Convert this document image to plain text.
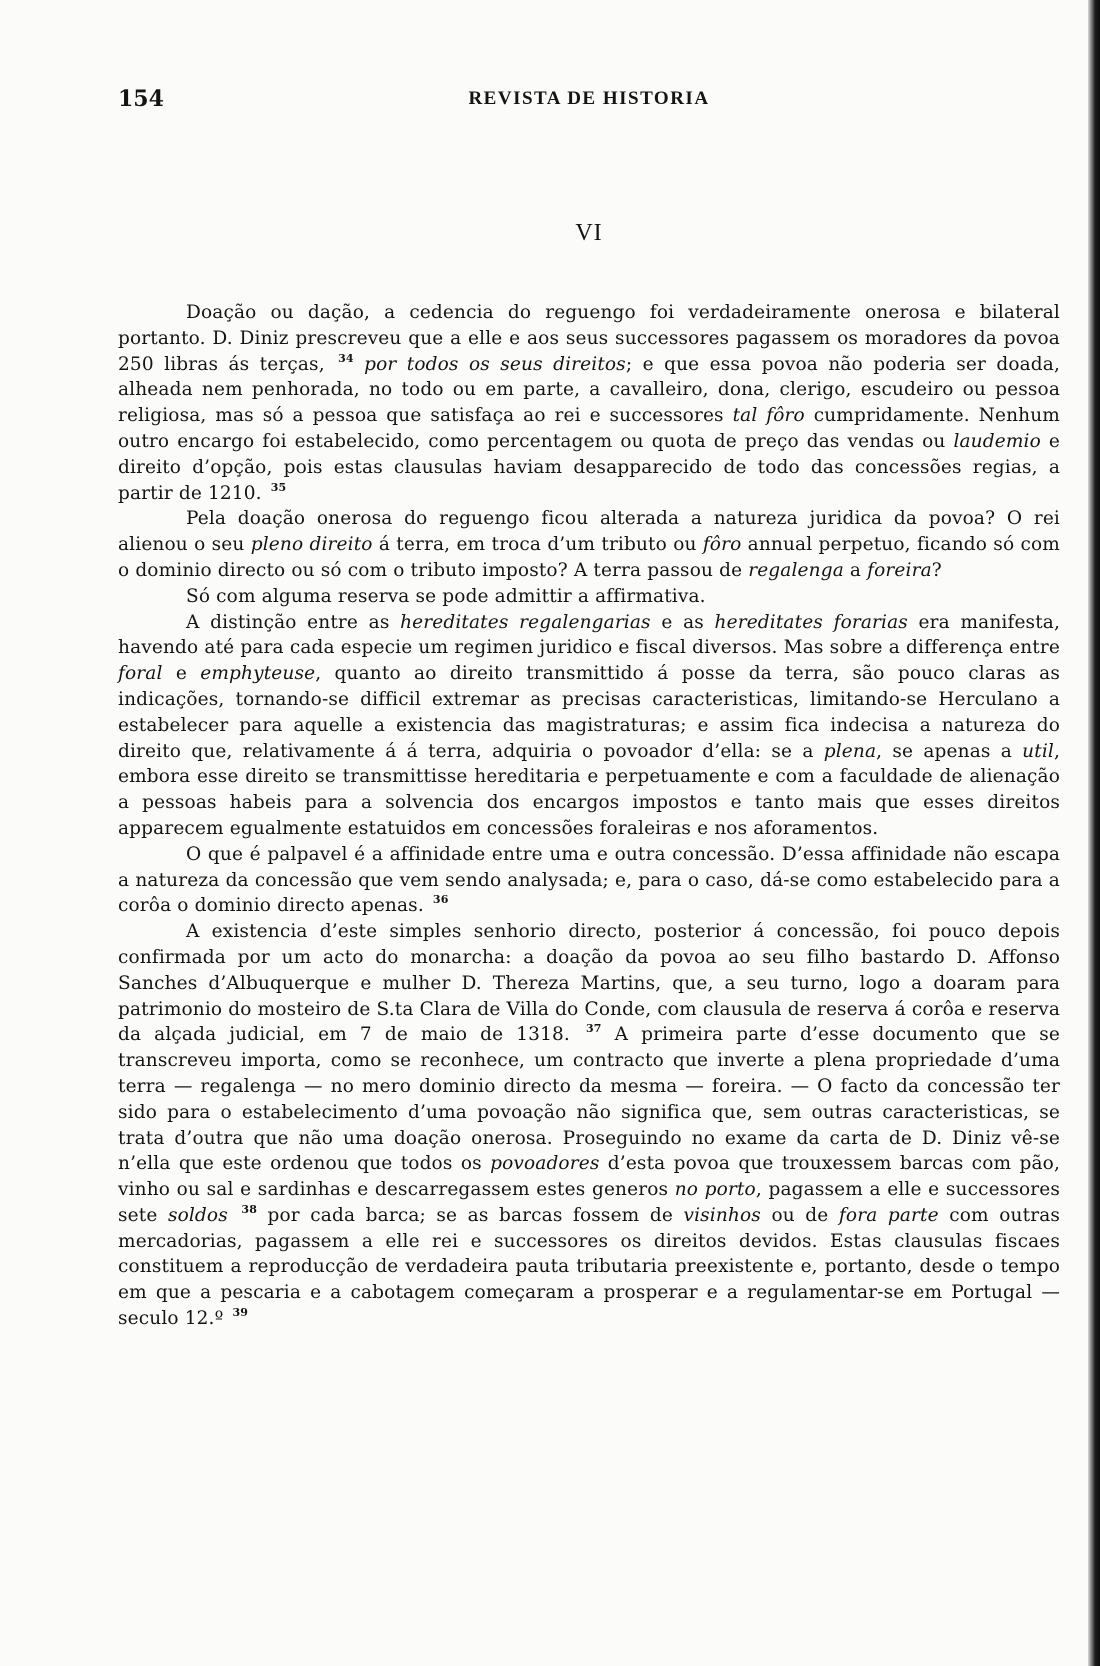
154	REVISTA DE HISTORIA
VI

Doação ou dação, a cedencia do reguengo foi verdadeiramente onerosa e bilateral portanto. D. Diniz prescreveu que a elle e aos seus successores pagassem os moradores da povoa 250 libras ás terças, $^{34}$ por todos os seus direitos; e que essa povoa não poderia ser doada, alheada nem penhorada, no todo ou em parte, a cavalleiro, dona, clerigo, escudeiro ou pessoa religiosa, mas só a pessoa que satisfaça ao rei e successores tal fôro cumpridamente. Nenhum outro encargo foi estabelecido, como percentagem ou quota de preço das vendas ou laudemio e direito d’opção, pois estas clausulas haviam desapparecido de todo das concessões regias, a partir de 1210. $^{35}$

Pela doação onerosa do reguengo ficou alterada a natureza juridica da povoa? O rei alienou o seu pleno direito á terra, em troca d’um tributo ou fôro annual perpetuo, ficando só com o dominio directo ou só com o tributo imposto? A terra passou de regalenga a foreira?

Só com alguma reserva se pode admittir a affirmativa.

A distinção entre as hereditates regalengarias e as hereditates forarias era manifesta, havendo até para cada especie um regimen juridico e fiscal diversos. Mas sobre a differença entre foral e emphyteuse, quanto ao direito transmittido á posse da terra, são pouco claras as indicações, tornando-se difficil extremar as precisas caracteristicas, limitando-se Herculano a estabelecer para aquelle a existencia das magistraturas; e assim fica indecisa a natureza do direito que, relativamente á á terra, adquiria o povoador d’ella: se a plena, se apenas a util, embora esse direito se transmittisse hereditaria e perpetuamente e com a faculdade de alienação a pessoas habeis para a solvencia dos encargos impostos e tanto mais que esses direitos apparecem egualmente estatuidos em concessões foraleiras e nos aforamentos.

O que é palpavel é a affinidade entre uma e outra concessão. D’essa affinidade não escapa a natureza da concessão que vem sendo analysada; e, para o caso, dá-se como estabelecido para a corôa o dominio directo apenas. $^{36}$

A existencia d’este simples senhorio directo, posterior á concessão, foi pouco depois confirmada por um acto do monarcha: a doação da povoa ao seu filho bastardo D. Affonso Sanches d’Albuquerque e mulher D. Thereza Martins, que, a seu turno, logo a doaram para patrimonio do mosteiro de S.ta Clara de Villa do Conde, com clausula de reserva á corôa e reserva da alçada judicial, em 7 de maio de 1318. $^{37}$ A primeira parte d’esse documento que se transcreveu importa, como se reconhece, um contracto que inverte a plena propriedade d’uma terra — regalenga — no mero dominio directo da mesma — foreira. — O facto da concessão ter sido para o estabelecimento d’uma povoação não significa que, sem outras caracteristicas, se trata d’outra que não uma doação onerosa. Proseguindo no exame da carta de D. Diniz vê-se n’ella que este ordenou que todos os povoadores d’esta povoa que trouxessem barcas com pão, vinho ou sal e sardinhas e descarregassem estes generos no porto, pagassem a elle e successores sete soldos $^{38}$ por cada barca; se as barcas fossem de visinhos ou de fora parte com outras mercadorias, pagassem a elle rei e successores os direitos devidos. Estas clausulas fiscaes constituem a reproducção de verdadeira pauta tributaria preexistente e, portanto, desde o tempo em que a pescaria e a cabotagem começaram a prosperar e a regulamentar-se em Portugal — seculo 12.º $^{39}$
